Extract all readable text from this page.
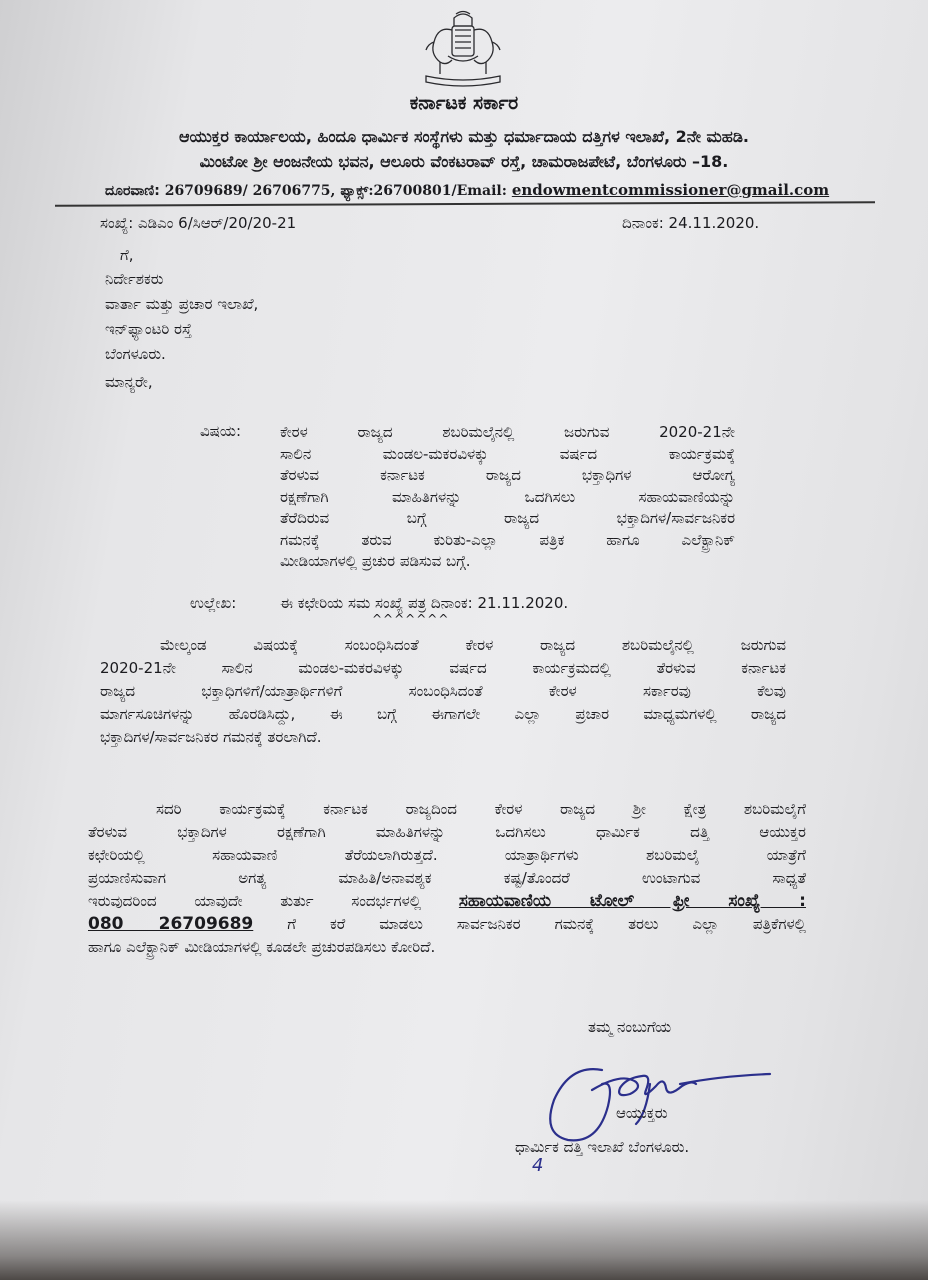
ಕರ್ನಾಟಕ ಸರ್ಕಾರ
ಆಯುಕ್ತರ ಕಾರ್ಯಾಲಯ, ಹಿಂದೂ ಧಾರ್ಮಿಕ ಸಂಸ್ಥೆಗಳು ಮತ್ತು ಧರ್ಮಾದಾಯ ದತ್ತಿಗಳ ಇಲಾಖೆ, 2ನೇ ಮಹಡಿ.
ಮಿಂಟೋ ಶ್ರೀ ಆಂಜನೇಯ ಭವನ, ಆಲೂರು ವೆಂಕಟರಾವ್ ರಸ್ತೆ, ಚಾಮರಾಜಪೇಟೆ, ಬೆಂಗಳೂರು –18.
ದೂರವಾಣಿ: 26709689/ 26706775, ಫ್ಯಾಕ್ಸ್:26700801/Email: endowmentcommissioner@gmail.com
ಸಂಖ್ಯೆ: ಎಡಿಎಂ 6/ಸಿಆರ್/20/20-21	ದಿನಾಂಕ: 24.11.2020.
ಗೆ,
ನಿರ್ದೇಶಕರು
ವಾರ್ತಾ ಮತ್ತು ಪ್ರಚಾರ ಇಲಾಖೆ,
ಇನ್‌ಫ್ಯಾಂಟರಿ ರಸ್ತೆ
ಬೆಂಗಳೂರು.
ಮಾನ್ಯರೇ,
ವಿಷಯ:	ಕೇರಳ ರಾಜ್ಯದ ಶಬರಿಮಲೈನಲ್ಲಿ ಜರುಗುವ 2020-21ನೇ
ಸಾಲಿನ ಮಂಡಲ-ಮಕರವಿಳಕ್ಕು ವರ್ಷದ ಕಾರ್ಯಕ್ರಮಕ್ಕೆ
ತೆರಳುವ ಕರ್ನಾಟಕ ರಾಜ್ಯದ ಭಕ್ತಾಧಿಗಳ ಆರೋಗ್ಯ
ರಕ್ಷಣೆಗಾಗಿ ಮಾಹಿತಿಗಳನ್ನು ಒದಗಿಸಲು ಸಹಾಯವಾಣಿಯನ್ನು
ತೆರೆದಿರುವ ಬಗ್ಗೆ ರಾಜ್ಯದ ಭಕ್ತಾದಿಗಳ/ಸಾರ್ವಜನಿಕರ
ಗಮನಕ್ಕೆ ತರುವ ಕುರಿತು-ಎಲ್ಲಾ ಪತ್ರಿಕ ಹಾಗೂ ಎಲೆಕ್ಟ್ರಾನಿಕ್
ಮೀಡಿಯಾಗಳಲ್ಲಿ ಪ್ರಚುರ ಪಡಿಸುವ ಬಗ್ಗೆ.
ಉಲ್ಲೇಖ:	ಈ ಕಛೇರಿಯ ಸಮ ಸಂಖ್ಯೆ ಪತ್ರ ದಿನಾಂಕ: 21.11.2020.
^^^^^^^
ಮೇಲ್ಕಂಡ ವಿಷಯಕ್ಕೆ ಸಂಬಂಧಿಸಿದಂತೆ ಕೇರಳ ರಾಜ್ಯದ ಶಬರಿಮಲೈನಲ್ಲಿ ಜರುಗುವ
2020-21ನೇ ಸಾಲಿನ ಮಂಡಲ-ಮಕರವಿಳಕ್ಕು ವರ್ಷದ ಕಾರ್ಯಕ್ರಮದಲ್ಲಿ ತೆರಳುವ ಕರ್ನಾಟಕ
ರಾಜ್ಯದ ಭಕ್ತಾಧಿಗಳಿಗೆ/ಯಾತ್ರಾರ್ಥಿಗಳಿಗೆ ಸಂಬಂಧಿಸಿದಂತೆ ಕೇರಳ ಸರ್ಕಾರವು ಕೆಲವು
ಮಾರ್ಗಸೂಚಿಗಳನ್ನು ಹೊರಡಿಸಿದ್ದು, ಈ ಬಗ್ಗೆ ಈಗಾಗಲೇ ಎಲ್ಲಾ ಪ್ರಚಾರ ಮಾಧ್ಯಮಗಳಲ್ಲಿ ರಾಜ್ಯದ
ಭಕ್ತಾದಿಗಳ/ಸಾರ್ವಜನಿಕರ ಗಮನಕ್ಕೆ ತರಲಾಗಿದೆ.
ಸದರಿ ಕಾರ್ಯಕ್ರಮಕ್ಕೆ ಕರ್ನಾಟಕ ರಾಜ್ಯದಿಂದ ಕೇರಳ ರಾಜ್ಯದ ಶ್ರೀ ಕ್ಷೇತ್ರ ಶಬರಿಮಲೈಗೆ
ತೆರಳುವ ಭಕ್ತಾದಿಗಳ ರಕ್ಷಣೆಗಾಗಿ ಮಾಹಿತಿಗಳನ್ನು ಒದಗಿಸಲು ಧಾರ್ಮಿಕ ದತ್ತಿ ಆಯುಕ್ತರ
ಕಛೇರಿಯಲ್ಲಿ ಸಹಾಯವಾಣಿ ತೆರೆಯಲಾಗಿರುತ್ತದೆ. ಯಾತ್ರಾರ್ಥಿಗಳು ಶಬರಿಮಲೈ ಯಾತ್ರೆಗೆ
ಪ್ರಯಾಣಿಸುವಾಗ ಅಗತ್ಯ ಮಾಹಿತಿ/ಅನಾವಶ್ಯಕ ಕಷ್ಟ/ತೊಂದರೆ ಉಂಟಾಗುವ ಸಾಧ್ಯತೆ
ಇರುವುದರಿಂದ ಯಾವುದೇ ತುರ್ತು ಸಂದರ್ಭಗಳಲ್ಲಿ ಸಹಾಯವಾಣಿಯ ಟೋಲ್ ಫ್ರೀ ಸಂಖ್ಯೆ :
080 26709689 ಗೆ ಕರೆ ಮಾಡಲು ಸಾರ್ವಜನಿಕರ ಗಮನಕ್ಕೆ ತರಲು ಎಲ್ಲಾ ಪತ್ರಿಕೆಗಳಲ್ಲಿ
ಹಾಗೂ ಎಲೆಕ್ಟ್ರಾನಿಕ್ ಮೀಡಿಯಾಗಳಲ್ಲಿ ಕೂಡಲೇ ಪ್ರಚುರಪಡಿಸಲು ಕೋರಿದೆ.
ತಮ್ಮ ನಂಬುಗೆಯ
ಆಯುಕ್ತರು
ಧಾರ್ಮಿಕ ದತ್ತಿ ಇಲಾಖೆ ಬೆಂಗಳೂರು.
4
